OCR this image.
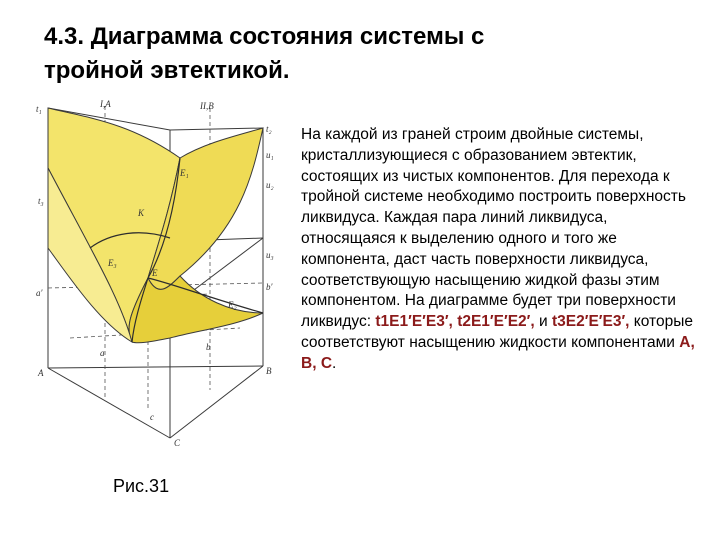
4.3. Диаграмма состояния системы с
тройной эвтектикой.
t₁
t₂
u₁
u₂
u₃
I,A	II,B
K
E₁
E₂
E₃
E
a′
b′
a
b
A	B
C
c
t₃
Рис.31

На каждой из граней строим двойные системы, кристаллизующиеся с образованием эвтектик, состоящих из чистых компонентов. Для перехода к тройной системе необходимо построить поверхность ликвидуса. Каждая пара линий ликвидуса, относящаяся к выделению одного и того же компонента, даст часть поверхности ликвидуса, соответствующую насыщению жидкой фазы этим компонентом. На диаграмме будет три поверхности ликвидус: t1E1′E′E3′, t2E1′E′E2′, и t3E2′E′E3′, которые соответствуют насыщению жидкости компонентами A, B, C.
